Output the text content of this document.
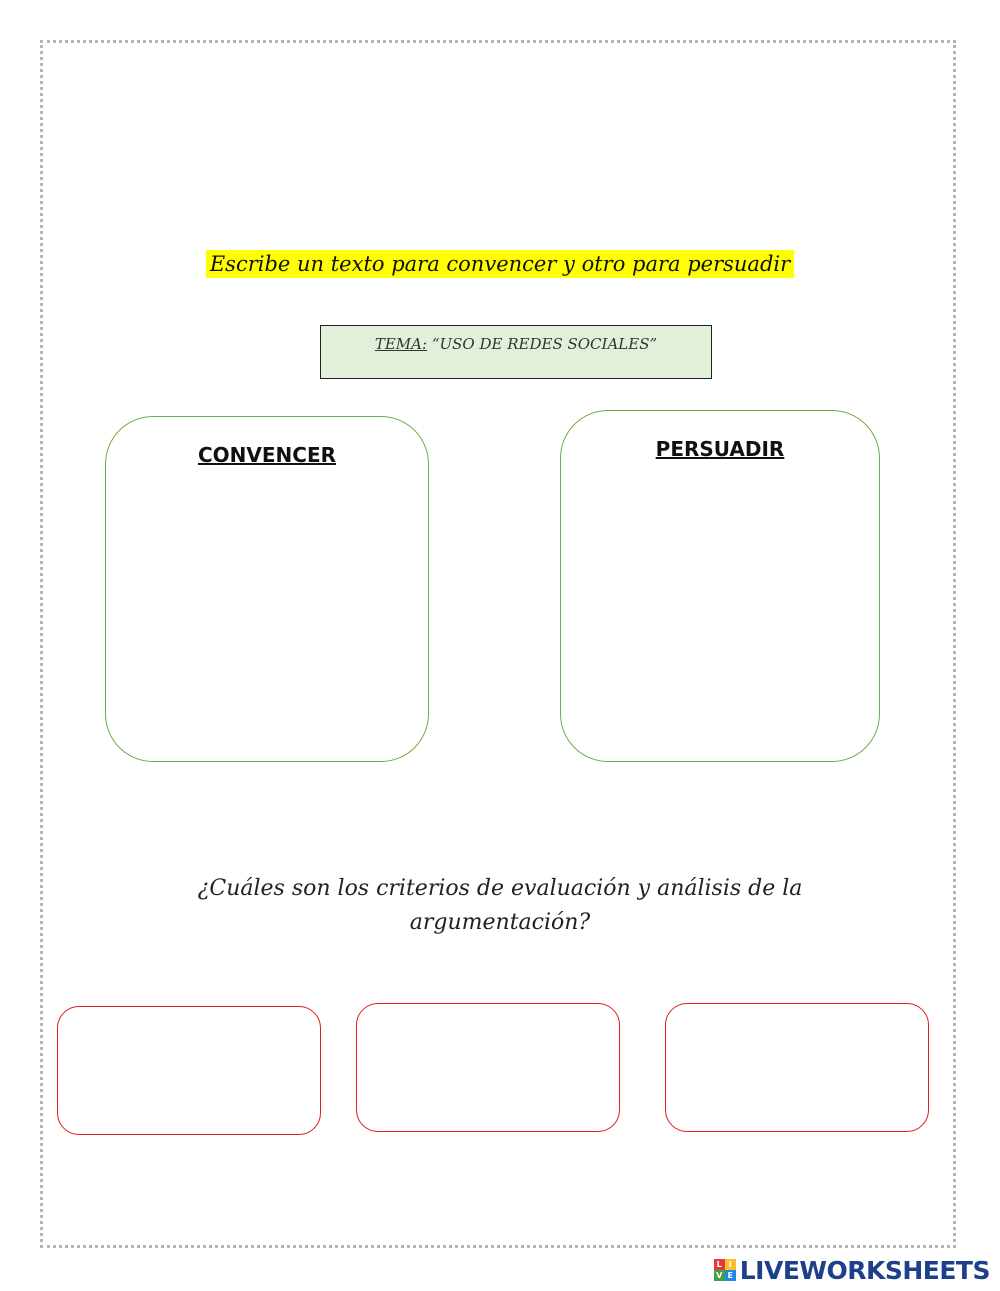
Escribe un texto para convencer y otro para persuadir
TEMA: “USO DE REDES SOCIALES”
CONVENCER	PERSUADIR
¿Cuáles son los criterios de evaluación y análisis de la argumentación?
L I
V E LIVEWORKSHEETS
